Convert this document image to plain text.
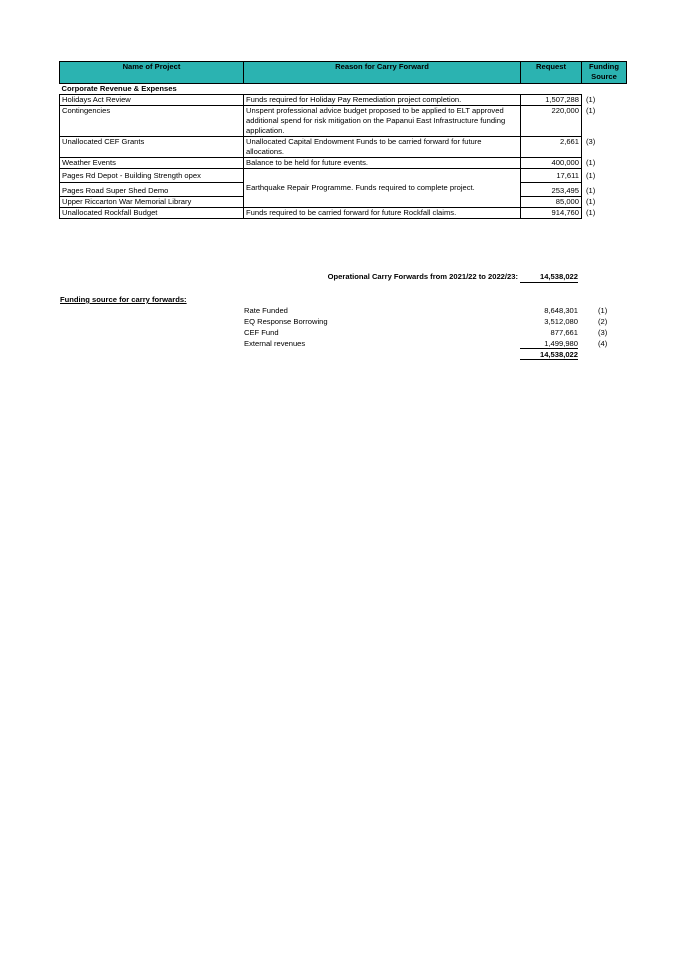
Name of Project	Reason for Carry Forward	Request	Funding Source
Corporate Revenue & Expenses			
Holidays Act Review	Funds required for Holiday Pay Remediation project completion.	1,507,288	(1)
Contingencies	Unspent professional advice budget proposed to be applied to ELT approved additional spend for risk mitigation on the Papanui East Infrastructure funding application.	220,000	(1)
Unallocated CEF Grants	Unallocated Capital Endowment Funds to be carried forward for future allocations.	2,661	(3)
Weather Events	Balance to be held for future events.	400,000	(1)
Pages Rd Depot - Building Strength opex	Earthquake Repair Programme. Funds required to complete project.	17,611	(1)
Pages Road Super Shed Demo		253,495	(1)
Upper Riccarton War Memorial Library		85,000	(1)
Unallocated Rockfall Budget	Funds required to be carried forward for future Rockfall claims.	914,760	(1)
Operational Carry Forwards from 2021/22 to 2022/23:	14,538,022
Funding source for carry forwards:
Rate Funded	8,648,301	(1)
EQ Response Borrowing	3,512,080	(2)
CEF Fund	877,661	(3)
External revenues	1,499,980	(4)
14,538,022
